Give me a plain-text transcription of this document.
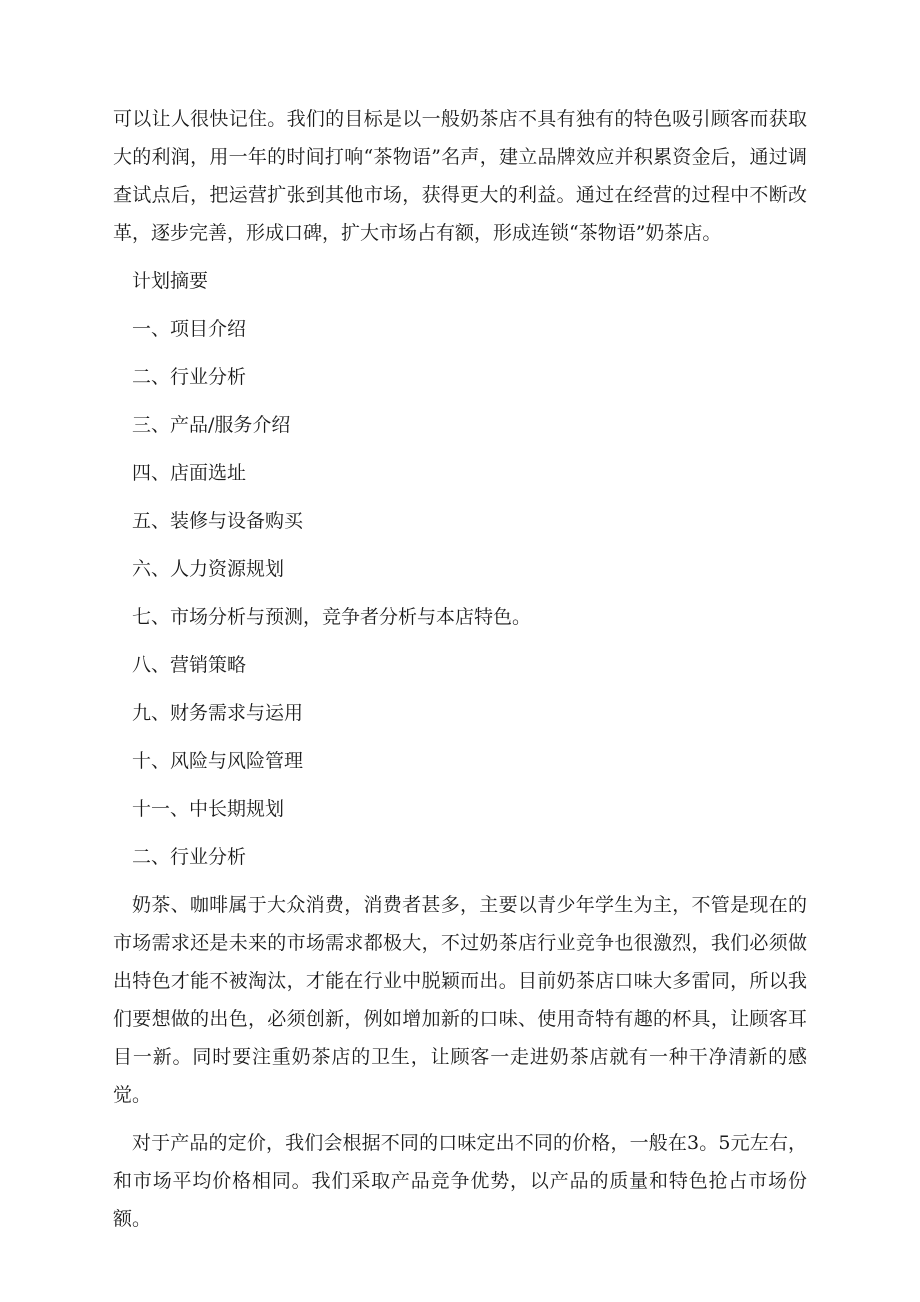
可以让人很快记住。我们的目标是以一般奶茶店不具有独有的特色吸引顾客而获取大的利润，用一年的时间打响“茶物语”名声，建立品牌效应并积累资金后，通过调查试点后，把运营扩张到其他市场，获得更大的利益。通过在经营的过程中不断改革，逐步完善，形成口碑，扩大市场占有额，形成连锁“茶物语”奶茶店。

计划摘要

一、项目介绍

二、行业分析

三、产品/服务介绍

四、店面选址

五、装修与设备购买

六、人力资源规划

七、市场分析与预测，竞争者分析与本店特色。

八、营销策略

九、财务需求与运用

十、风险与风险管理

十一、中长期规划

二、行业分析

奶茶、咖啡属于大众消费，消费者甚多，主要以青少年学生为主，不管是现在的市场需求还是未来的市场需求都极大，不过奶茶店行业竞争也很激烈，我们必须做出特色才能不被淘汰，才能在行业中脱颖而出。目前奶茶店口味大多雷同，所以我们要想做的出色，必须创新，例如增加新的口味、使用奇特有趣的杯具，让顾客耳目一新。同时要注重奶茶店的卫生，让顾客一走进奶茶店就有一种干净清新的感觉。

对于产品的定价，我们会根据不同的口味定出不同的价格，一般在3。5元左右，和市场平均价格相同。我们采取产品竞争优势，以产品的质量和特色抢占市场份额。
